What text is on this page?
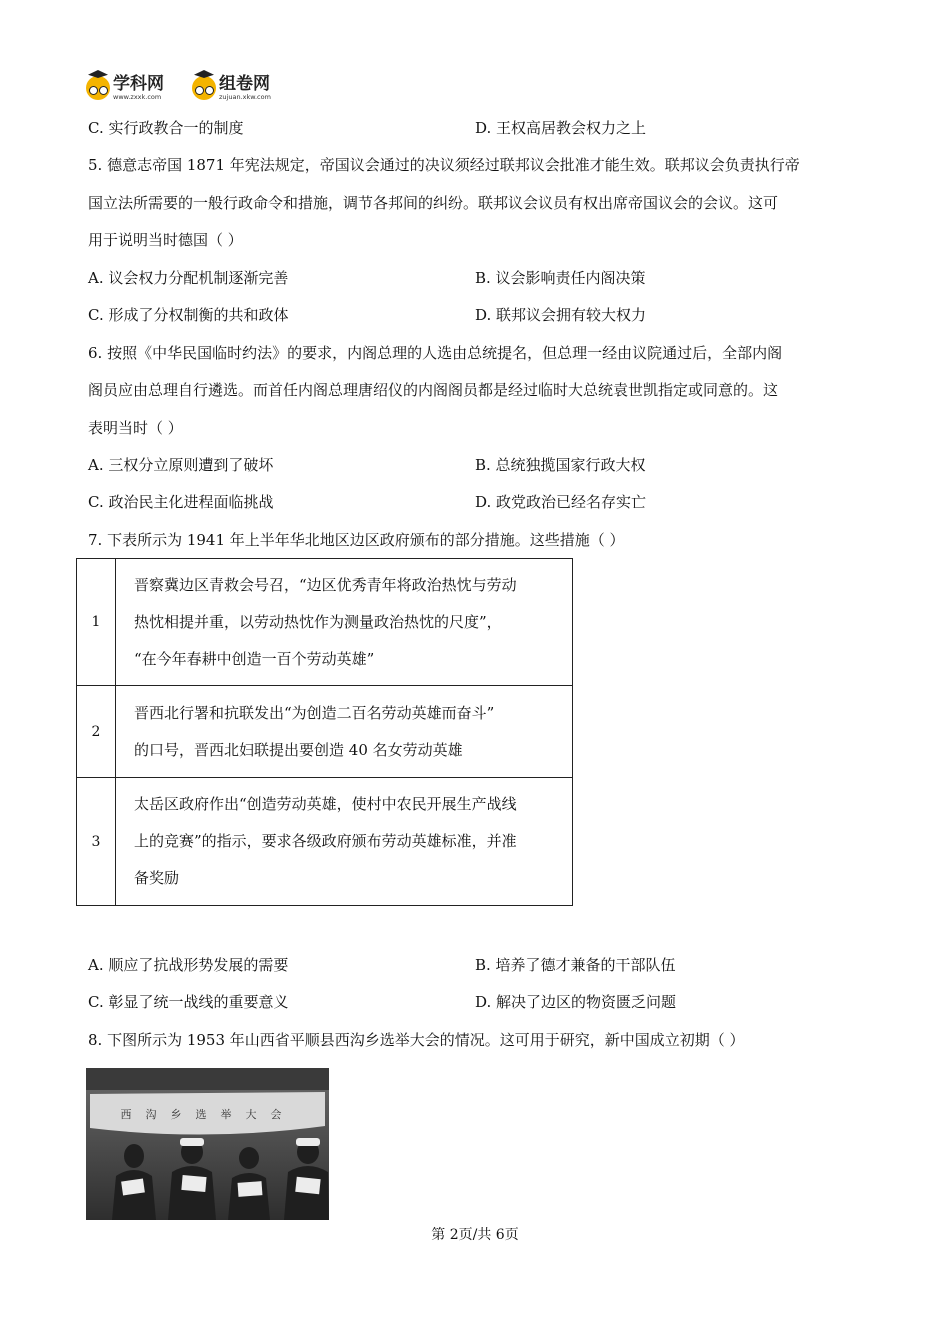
学科网
www.zxxk.com
组卷网
zujuan.xkw.com
C. 实行政教合一的制度	D. 王权高居教会权力之上
5. 德意志帝国 1871 年宪法规定，帝国议会通过的决议须经过联邦议会批准才能生效。联邦议会负责执行帝
国立法所需要的一般行政命令和措施，调节各邦间的纠纷。联邦议会议员有权出席帝国议会的会议。这可
用于说明当时德国（ ）
A. 议会权力分配机制逐渐完善	B. 议会影响责任内阁决策
C. 形成了分权制衡的共和政体	D. 联邦议会拥有较大权力
6. 按照《中华民国临时约法》的要求，内阁总理的人选由总统提名，但总理一经由议院通过后，全部内阁
阁员应由总理自行遴选。而首任内阁总理唐绍仪的内阁阁员都是经过临时大总统袁世凯指定或同意的。这
表明当时（ ）
A. 三权分立原则遭到了破坏	B. 总统独揽国家行政大权
C. 政治民主化进程面临挑战	D. 政党政治已经名存实亡
7. 下表所示为 1941 年上半年华北地区边区政府颁布的部分措施。这些措施（ ）
1	晋察冀边区青救会号召，“边区优秀青年将政治热忱与劳动
热忱相提并重，以劳动热忱作为测量政治热忱的尺度”，
“在今年春耕中创造一百个劳动英雄”

2	晋西北行署和抗联发出“为创造二百名劳动英雄而奋斗”
的口号，晋西北妇联提出要创造 40 名女劳动英雄

3	太岳区政府作出“创造劳动英雄，使村中农民开展生产战线
上的竞赛”的指示，要求各级政府颁布劳动英雄标准，并准
备奖励
A. 顺应了抗战形势发展的需要	B. 培养了德才兼备的干部队伍
C. 彰显了统一战线的重要意义	D. 解决了边区的物资匮乏问题
8. 下图所示为 1953 年山西省平顺县西沟乡选举大会的情况。这可用于研究，新中国成立初期（ ）
西沟乡选举大会
第 2页/共 6页
